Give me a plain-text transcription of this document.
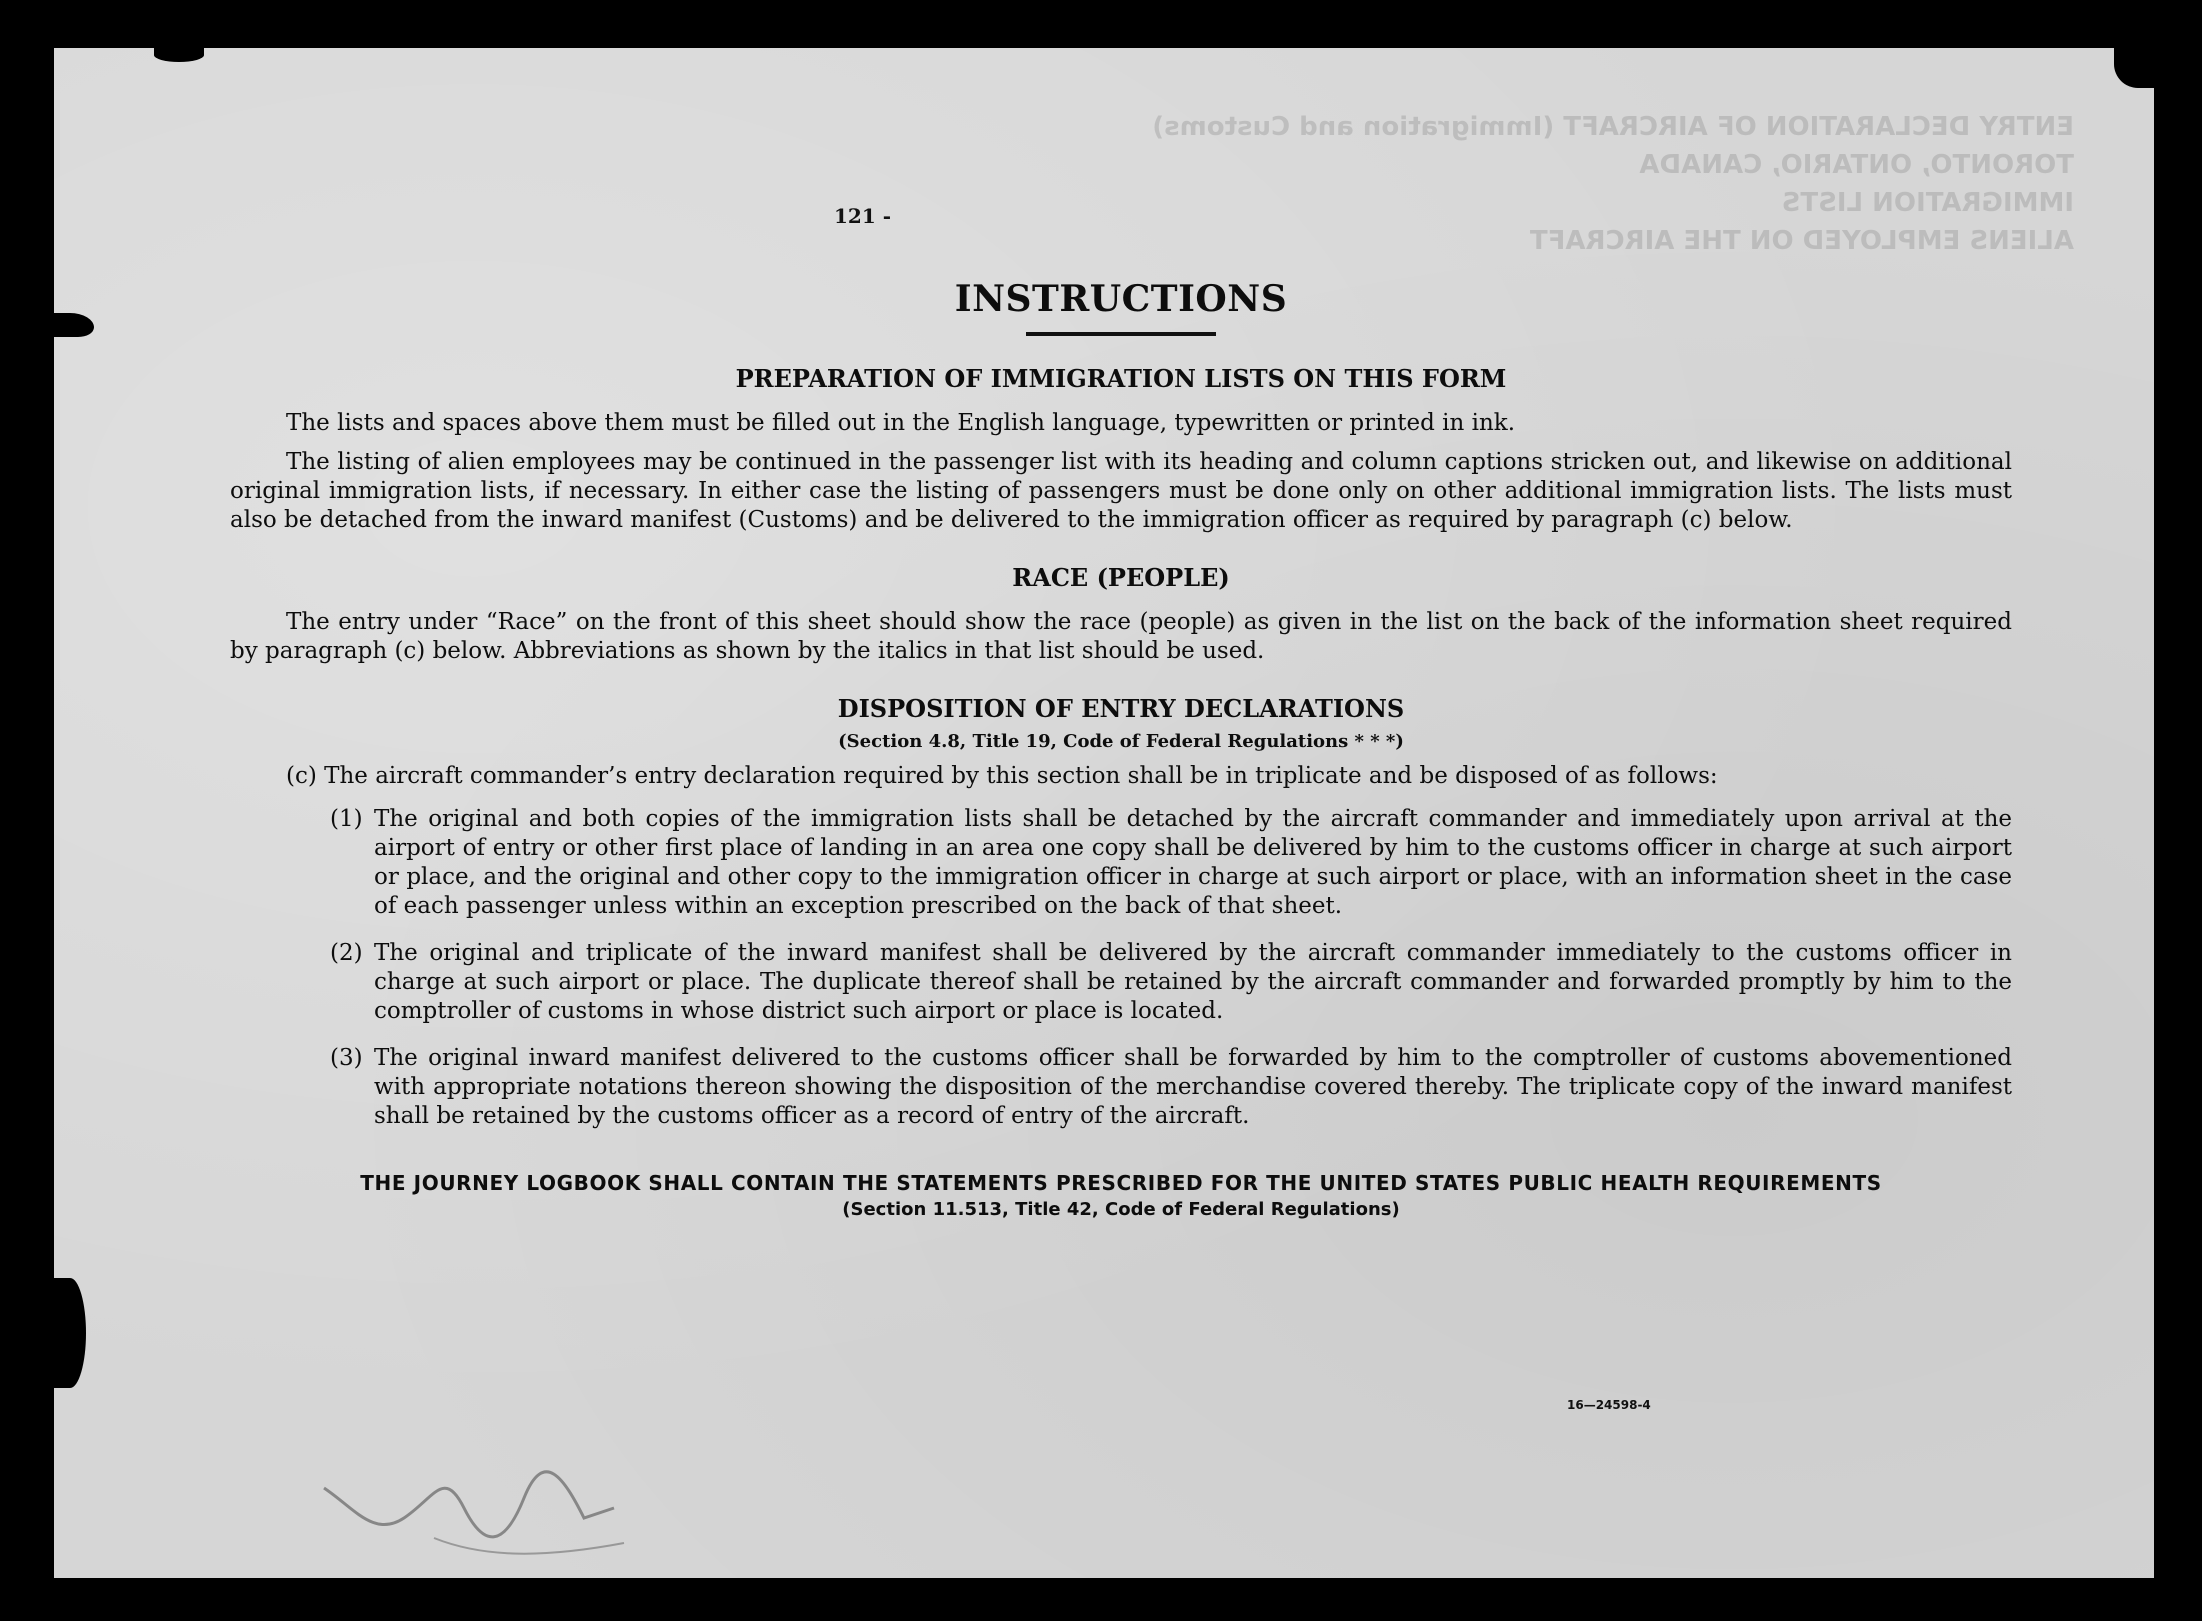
ENTRY DECLARATION OF AIRCRAFT (Immigration and Customs)
TORONTO, ONTARIO, CANADA
IMMIGRATION LISTS
ALIENS EMPLOYED ON THE AIRCRAFT
121 -
INSTRUCTIONS
PREPARATION OF IMMIGRATION LISTS ON THIS FORM

The lists and spaces above them must be filled out in the English language, typewritten or printed in ink.

The listing of alien employees may be continued in the passenger list with its heading and column captions stricken out, and likewise on additional original immigration lists, if necessary. In either case the listing of passengers must be done only on other additional immigration lists. The lists must also be detached from the inward manifest (Customs) and be delivered to the immigration officer as required by paragraph (c) below.

RACE (PEOPLE)

The entry under “Race” on the front of this sheet should show the race (people) as given in the list on the back of the information sheet required by paragraph (c) below. Abbreviations as shown by the italics in that list should be used.

DISPOSITION OF ENTRY DECLARATIONS
(Section 4.8, Title 19, Code of Federal Regulations * * *)

(c) The aircraft commander’s entry declaration required by this section shall be in triplicate and be disposed of as follows:

(1) The original and both copies of the immigration lists shall be detached by the aircraft commander and immediately upon arrival at the airport of entry or other first place of landing in an area one copy shall be delivered by him to the customs officer in charge at such airport or place, and the original and other copy to the immigration officer in charge at such airport or place, with an information sheet in the case of each passenger unless within an exception prescribed on the back of that sheet.

(2) The original and triplicate of the inward manifest shall be delivered by the aircraft commander immediately to the customs officer in charge at such airport or place. The duplicate thereof shall be retained by the aircraft commander and forwarded promptly by him to the comptroller of customs in whose district such airport or place is located.

(3) The original inward manifest delivered to the customs officer shall be forwarded by him to the comptroller of customs abovementioned with appropriate notations thereon showing the disposition of the merchandise covered thereby. The triplicate copy of the inward manifest shall be retained by the customs officer as a record of entry of the aircraft.

THE JOURNEY LOGBOOK SHALL CONTAIN THE STATEMENTS PRESCRIBED FOR THE UNITED STATES PUBLIC HEALTH REQUIREMENTS
(Section 11.513, Title 42, Code of Federal Regulations)
16—24598-4
